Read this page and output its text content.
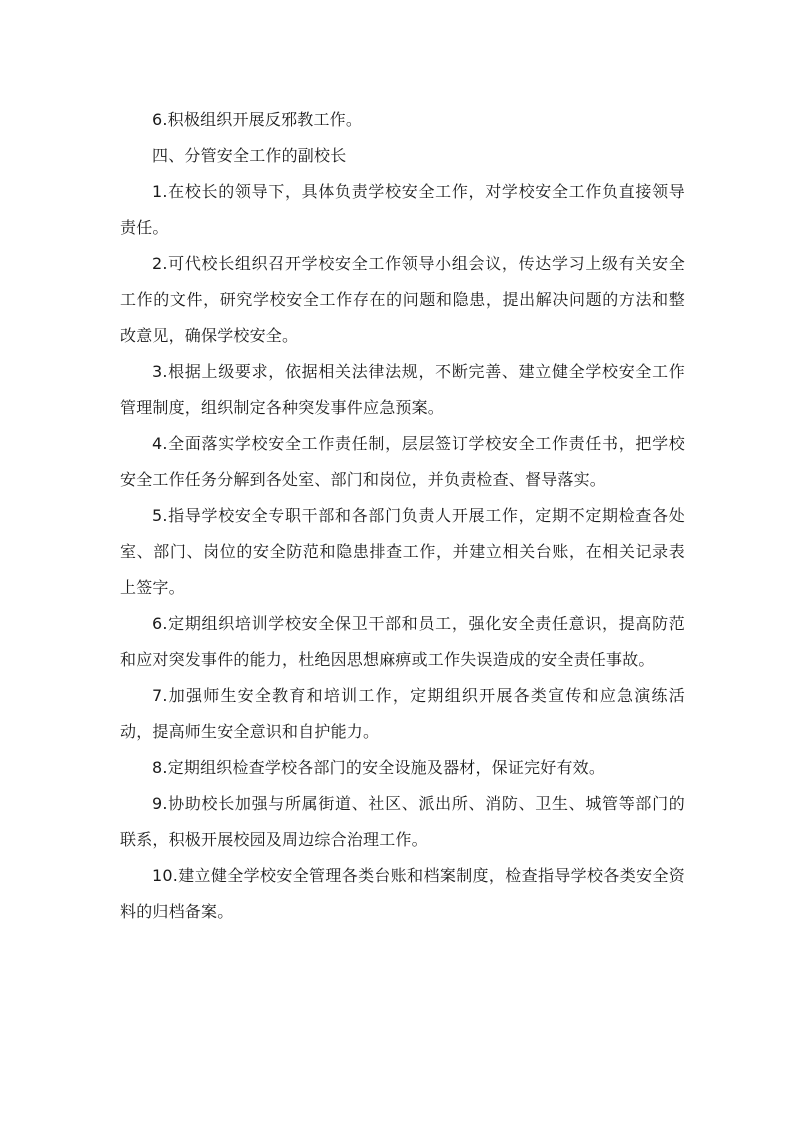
6.积极组织开展反邪教工作。

四、分管安全工作的副校长

1.在校长的领导下，具体负责学校安全工作，对学校安全工作负直接领导责任。

2.可代校长组织召开学校安全工作领导小组会议，传达学习上级有关安全工作的文件，研究学校安全工作存在的问题和隐患，提出解决问题的方法和整改意见，确保学校安全。

3.根据上级要求，依据相关法律法规，不断完善、建立健全学校安全工作管理制度，组织制定各种突发事件应急预案。

4.全面落实学校安全工作责任制，层层签订学校安全工作责任书，把学校安全工作任务分解到各处室、部门和岗位，并负责检查、督导落实。

5.指导学校安全专职干部和各部门负责人开展工作，定期不定期检查各处室、部门、岗位的安全防范和隐患排查工作，并建立相关台账，在相关记录表上签字。

6.定期组织培训学校安全保卫干部和员工，强化安全责任意识，提高防范和应对突发事件的能力，杜绝因思想麻痹或工作失误造成的安全责任事故。

7.加强师生安全教育和培训工作，定期组织开展各类宣传和应急演练活动，提高师生安全意识和自护能力。

8.定期组织检查学校各部门的安全设施及器材，保证完好有效。

9.协助校长加强与所属街道、社区、派出所、消防、卫生、城管等部门的联系，积极开展校园及周边综合治理工作。

10.建立健全学校安全管理各类台账和档案制度，检查指导学校各类安全资料的归档备案。
